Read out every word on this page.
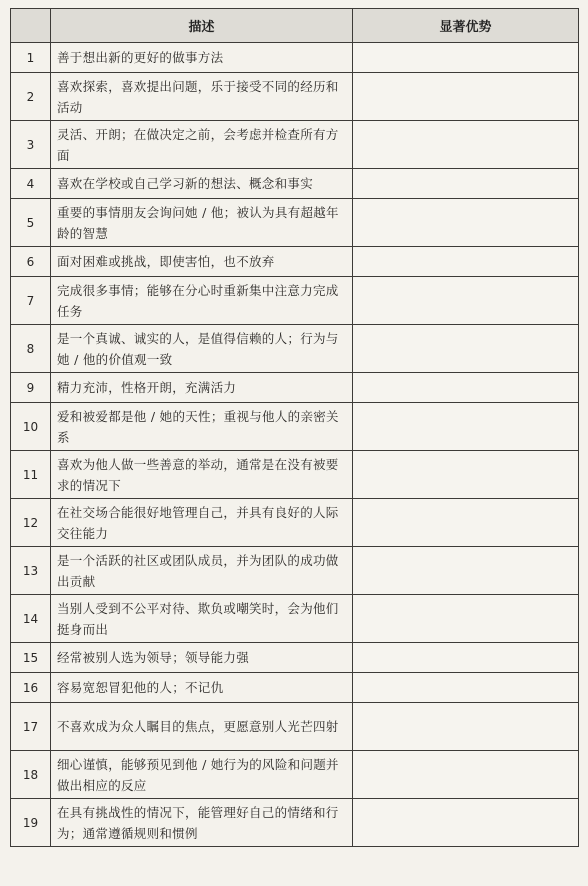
	描述	显著优势
1	善于想出新的更好的做事方法	
2	喜欢探索，喜欢提出问题，乐于接受不同的经历和活动	
3	灵活、开朗；在做决定之前，会考虑并检查所有方面	
4	喜欢在学校或自己学习新的想法、概念和事实	
5	重要的事情朋友会询问她 / 他；被认为具有超越年龄的智慧	
6	面对困难或挑战，即使害怕，也不放弃	
7	完成很多事情；能够在分心时重新集中注意力完成任务	
8	是一个真诚、诚实的人，是值得信赖的人；行为与她 / 他的价值观一致	
9	精力充沛，性格开朗，充满活力	
10	爱和被爱都是他 / 她的天性；重视与他人的亲密关系	
11	喜欢为他人做一些善意的举动，通常是在没有被要求的情况下	
12	在社交场合能很好地管理自己，并具有良好的人际交往能力	
13	是一个活跃的社区或团队成员，并为团队的成功做出贡献	
14	当别人受到不公平对待、欺负或嘲笑时，会为他们挺身而出	
15	经常被别人选为领导；领导能力强	
16	容易宽恕冒犯他的人；不记仇	
17	不喜欢成为众人瞩目的焦点，更愿意别人光芒四射	
18	细心谨慎，能够预见到他 / 她行为的风险和问题并做出相应的反应	
19	在具有挑战性的情况下，能管理好自己的情绪和行为；通常遵循规则和惯例	
